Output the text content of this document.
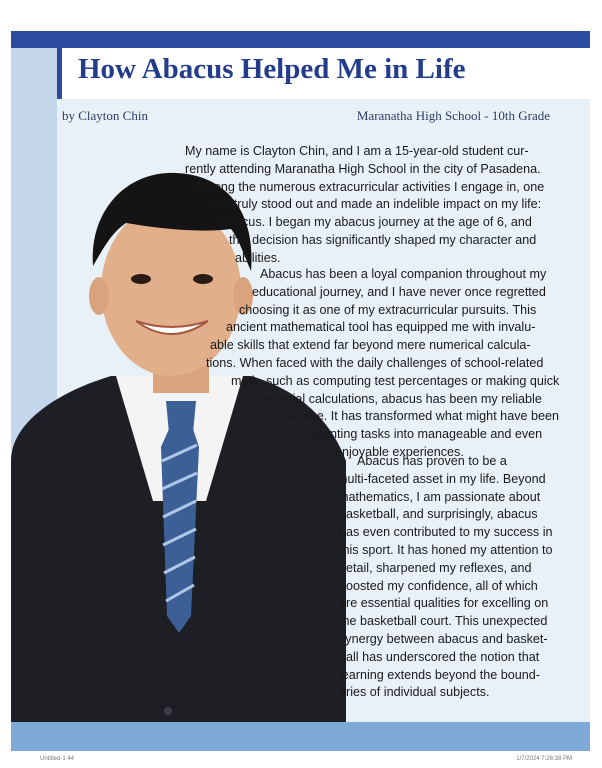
How Abacus Helped Me in Life
by Clayton Chin	Maranatha High School - 10th Grade
My name is Clayton Chin, and I am a 15-year-old student cur-
rently attending Maranatha High School in the city of Pasadena.
Among the numerous extracurricular activities I engage in, one
has truly stood out and made an indelible impact on my life:
abacus. I began my abacus journey at the age of 6, and
this decision has significantly shaped my character and
abilities.
Abacus has been a loyal companion throughout my
educational journey, and I have never once regretted
choosing it as one of my extracurricular pursuits. This
ancient mathematical tool has equipped me with invalu-
able skills that extend far beyond mere numerical calcula-
tions. When faced with the daily challenges of school-related
math, such as computing test percentages or making quick
financial calculations, abacus has been my reliable
source. It has transformed what might have been
daunting tasks into manageable and even
enjoyable experiences.
Abacus has proven to be a
multi-faceted asset in my life. Beyond
mathematics, I am passionate about
basketball, and surprisingly, abacus
has even contributed to my success in
this sport. It has honed my attention to
detail, sharpened my reflexes, and
boosted my confidence, all of which
are essential qualities for excelling on
the basketball court. This unexpected
synergy between abacus and basket-
ball has underscored the notion that
learning extends beyond the bound-
aries of individual subjects.
Untitled-1 44	1/7/2024 7:26:38 PM
